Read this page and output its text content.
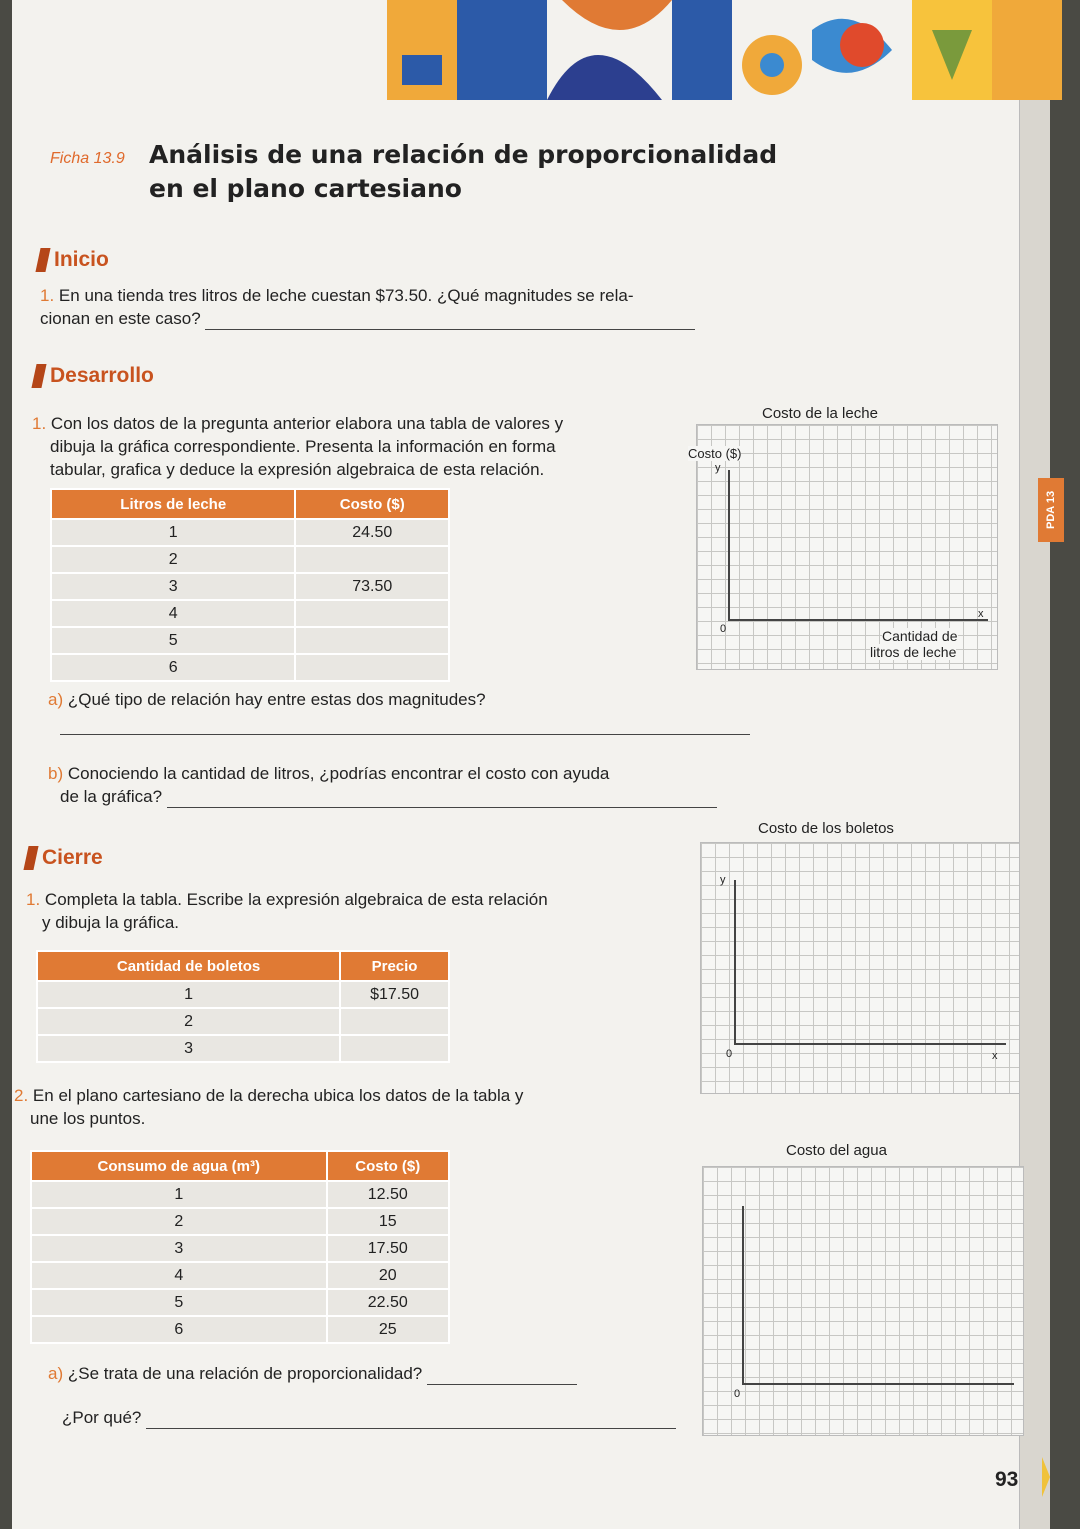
Ficha 13.9 Análisis de una relación de proporcionalidad
en el plano cartesiano
Inicio
1. En una tienda tres litros de leche cuestan $73.50. ¿Qué magnitudes se rela-
cionan en este caso?
Desarrollo
1. Con los datos de la pregunta anterior elabora una tabla de valores y
dibuja la gráfica correspondiente. Presenta la información en forma
tabular, grafica y deduce la expresión algebraica de esta relación.
Litros de leche	Costo ($)
1	24.50
2	
3	73.50
4	
5	
6	
Costo de la leche
Costo ($)
y
0
x
Cantidad de
litros de leche
a) ¿Qué tipo de relación hay entre estas dos magnitudes?
b) Conociendo la cantidad de litros, ¿podrías encontrar el costo con ayuda
de la gráfica?
Cierre
1. Completa la tabla. Escribe la expresión algebraica de esta relación
y dibuja la gráfica.
Cantidad de boletos	Precio
1	$17.50
2	
3	
Costo de los boletos
y
0	x
2. En el plano cartesiano de la derecha ubica los datos de la tabla y
une los puntos.
Consumo de agua (m³)	Costo ($)
1	12.50
2	15
3	17.50
4	20
5	22.50
6	25
Costo del agua
0
a) ¿Se trata de una relación de proporcionalidad?
¿Por qué?
PDA 13
93
